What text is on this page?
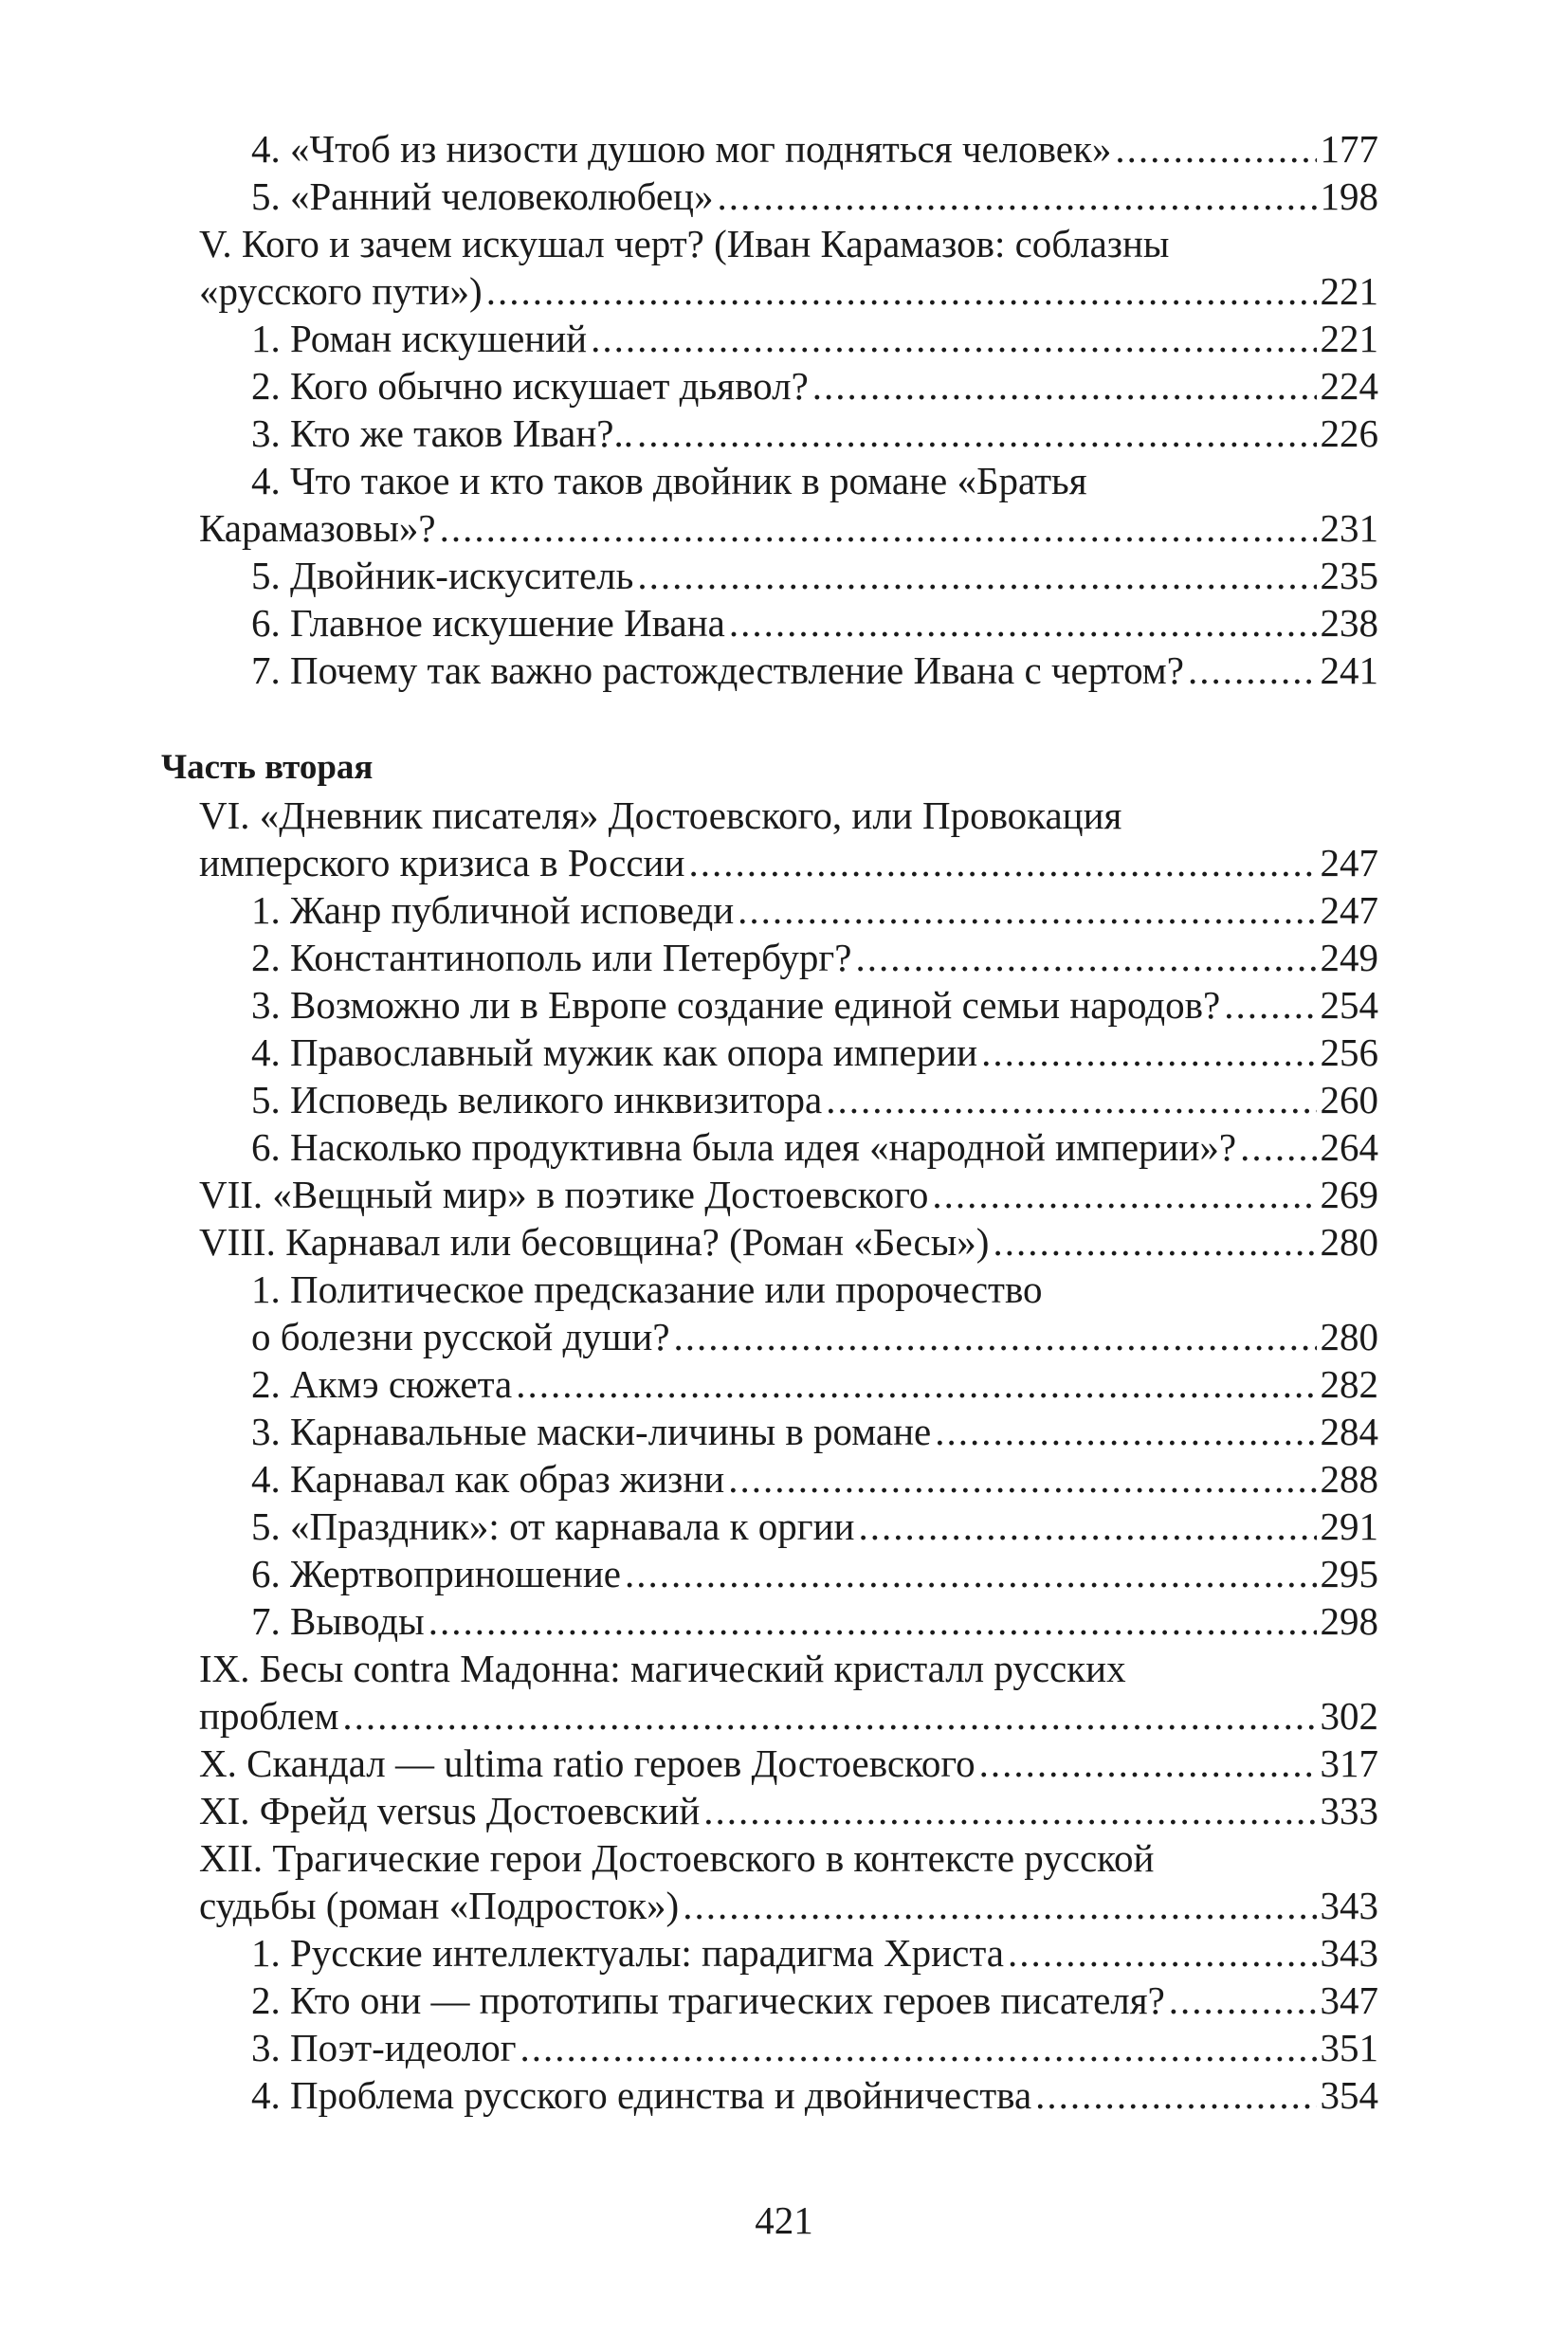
4. «Чтоб из низости душою мог подняться человек» .....	177
5. «Ранний человеколюбец» .....	198
V. Кого и зачем искушал черт? (Иван Карамазов: соблазны
«русского пути») .....	221
1. Роман искушений .....	221
2. Кого обычно искушает дьявол? .....	224
3. Кто же таков Иван?.. .....	226
4. Что такое и кто таков двойник в романе «Братья
Карамазовы»? .....	231
5. Двойник-искуситель .....	235
6. Главное искушение Ивана .....	238
7. Почему так важно растождествление Ивана с чертом? .....	241
Часть вторая
VI. «Дневник писателя» Достоевского, или Провокация
имперского кризиса в России .....	247
1. Жанр публичной исповеди .....	247
2. Константинополь или Петербург? .....	249
3. Возможно ли в Европе создание единой семьи народов? .....	254
4. Православный мужик как опора империи .....	256
5. Исповедь великого инквизитора .....	260
6. Насколько продуктивна была идея «народной империи»? ..... 264
VII. «Вещный мир» в поэтике Достоевского .....	269
VIII. Карнавал или бесовщина? (Роман «Бесы») .....	280
1. Политическое предсказание или пророчество
о болезни русской души? .....	280
2. Акмэ сюжета .....	282
3. Карнавальные маски-личины в романе .....	284
4. Карнавал как образ жизни .....	288
5. «Праздник»: от карнавала к оргии .....	291
6. Жертвоприношение .....	295
7. Выводы .....	298
IX. Бесы contra Мадонна: магический кристалл русских
проблем .....	302
X. Скандал — ultima ratio героев Достоевского .....	317
XI. Фрейд versus Достоевский .....	333
XII. Трагические герои Достоевского в контексте русской
судьбы (роман «Подросток») .....	343
1. Русские интеллектуалы: парадигма Христа .....	343
2. Кто они — прототипы трагических героев писателя? .....	347
3. Поэт-идеолог .....	351
4. Проблема русского единства и двойничества .....	354
421
